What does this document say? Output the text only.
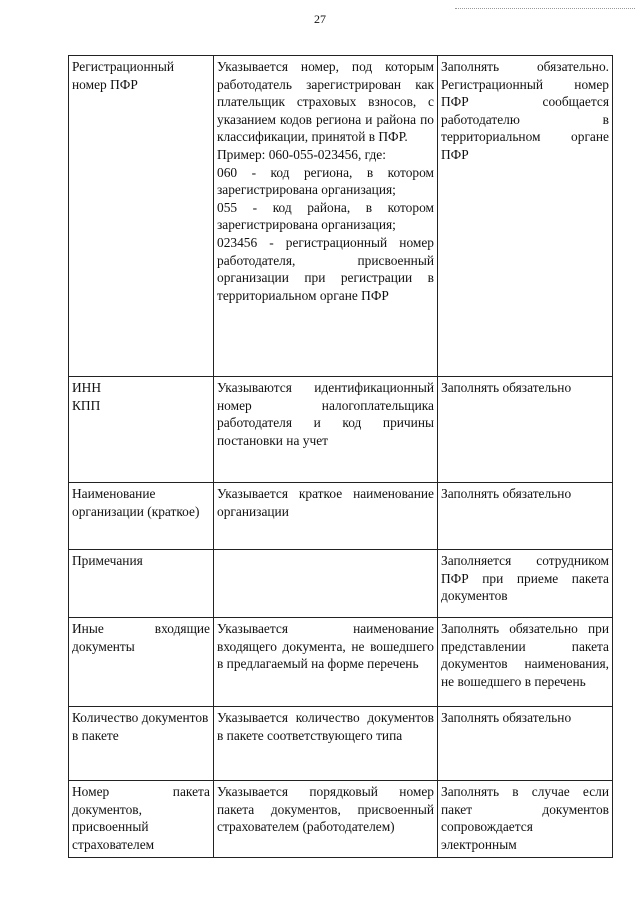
27
Регистрационный номер ПФР	Указывается номер, под которым работодатель зарегистрирован как плательщик страховых взносов, с указанием кодов региона и района по классификации, принятой в ПФР.
Пример: 060-055-023456, где:
060 - код региона, в котором зарегистрирована организация;
055 - код района, в котором зарегистрирована организация;
023456 - регистрационный номер работодателя, присвоенный организации при регистрации в территориальном органе ПФР	Заполнять обязательно. Регистрационный номер ПФР сообщается работодателю в территориальном органе ПФР
ИНН
КПП	Указываются идентификационный номер налогоплательщика работодателя и код причины постановки на учет	Заполнять обязательно
Наименование организации (краткое)	Указывается краткое наименование организации	Заполнять обязательно
Примечания		Заполняется сотрудником ПФР при приеме пакета документов
Иные входящие документы	Указывается наименование входящего документа, не вошедшего в предлагаемый на форме перечень	Заполнять обязательно при представлении пакета документов наименования, не вошедшего в перечень
Количество документов в пакете	Указывается количество документов в пакете соответствующего типа	Заполнять обязательно
Номер пакета документов, присвоенный страхователем	Указывается порядковый номер пакета документов, присвоенный страхователем (работодателем)	Заполнять в случае если пакет документов сопровождается электронным
